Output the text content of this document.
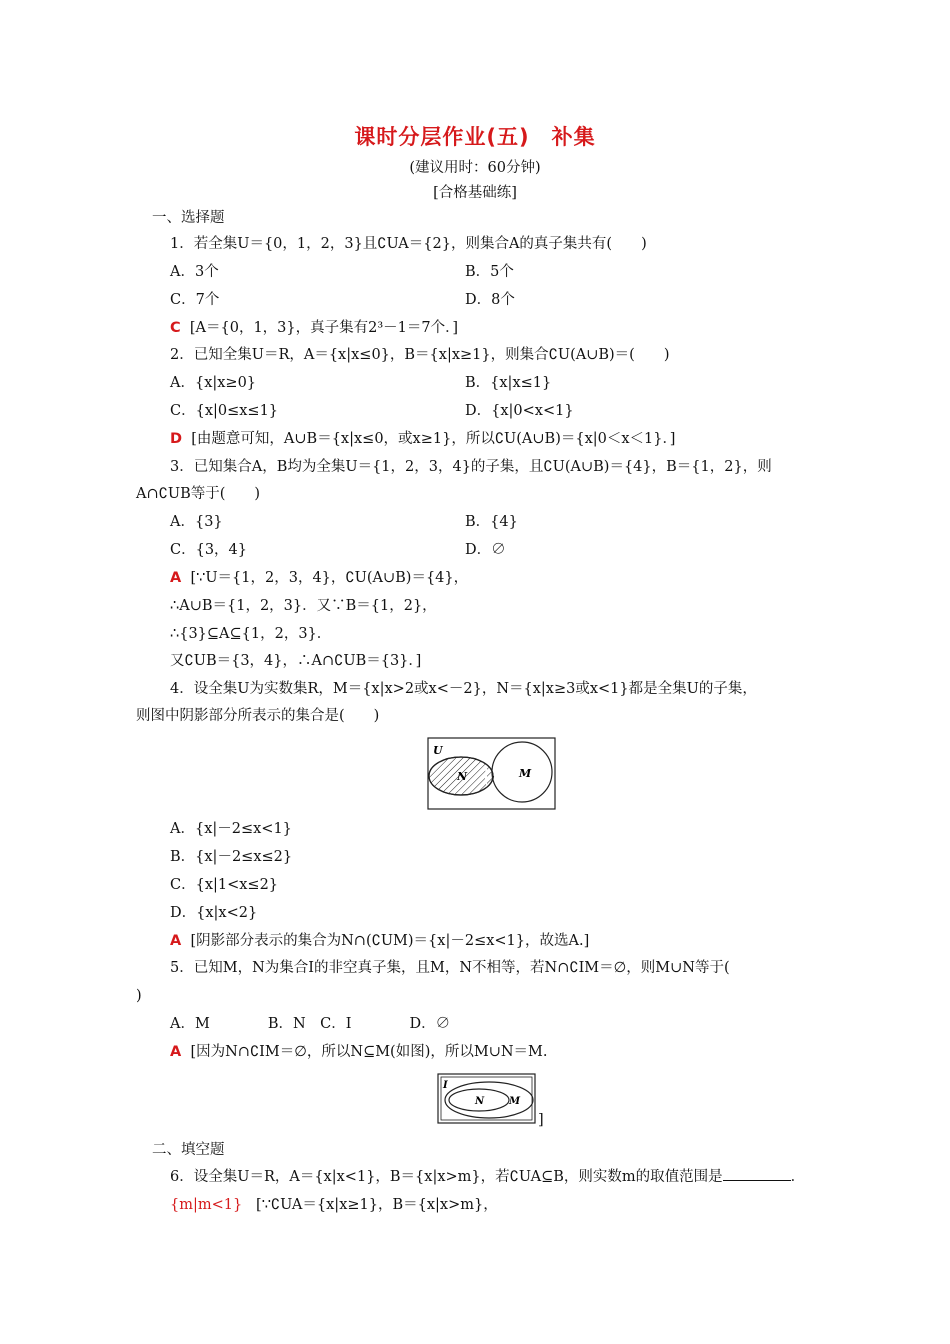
课时分层作业(五)　补集
(建议用时：60分钟)
[合格基础练]
一、选择题
1．若全集U＝{0，1，2，3}且∁UA＝{2}，则集合A的真子集共有(　　)
A．3个	B．5个
C．7个	D．8个
C [A＝{0，1，3}，真子集有2³－1＝7个．]
2．已知全集U＝R，A＝{x|x≤0}，B＝{x|x≥1}，则集合∁U(A∪B)＝(　　)
A．{x|x≥0}	B．{x|x≤1}
C．{x|0≤x≤1}	D．{x|0<x<1}
D [由题意可知，A∪B＝{x|x≤0，或x≥1}，所以∁U(A∪B)＝{x|0＜x＜1}．]
3．已知集合A，B均为全集U＝{1，2，3，4}的子集，且∁U(A∪B)＝{4}，B＝{1，2}，则
A∩∁UB等于(　　)
A．{3}	B．{4}
C．{3，4}	D．∅
A [∵U＝{1，2，3，4}，∁U(A∪B)＝{4}，
∴A∪B＝{1，2，3}．又∵B＝{1，2}，
∴{3}⊆A⊆{1，2，3}．
又∁UB＝{3，4}，∴A∩∁UB＝{3}．]
4．设全集U为实数集R，M＝{x|x>2或x<－2}，N＝{x|x≥3或x<1}都是全集U的子集，
则图中阴影部分所表示的集合是(　　)
U
N	M
A．{x|－2≤x<1}
B．{x|－2≤x≤2}
C．{x|1<x≤2}
D．{x|x<2}
A [阴影部分表示的集合为N∩(∁UM)＝{x|－2≤x<1}，故选A.]
5．已知M，N为集合I的非空真子集，且M，N不相等，若N∩∁IM＝∅，则M∪N等于(
)
A．M　　　　B．N　C．I　　　　D．∅
A [因为N∩∁IM＝∅，所以N⊆M(如图)，所以M∪N＝M.
I
N M
]
二、填空题
6．设全集U＝R，A＝{x|x<1}，B＝{x|x>m}，若∁UA⊆B，则实数m的取值范围是	．
{m|m<1} [∵∁UA＝{x|x≥1}，B＝{x|x>m}，
